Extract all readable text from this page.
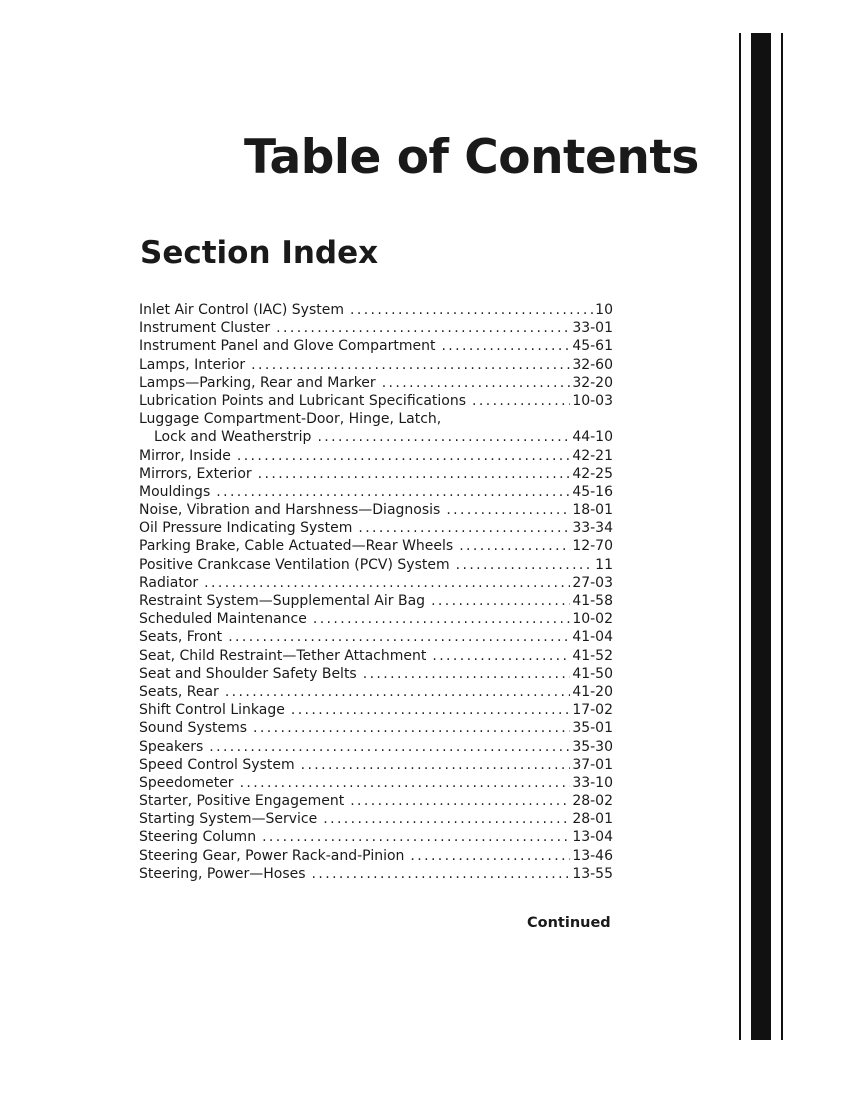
Table of Contents
Section Index
Inlet Air Control (IAC) System .....	10
Instrument Cluster .....	33-01
Instrument Panel and Glove Compartment .....	45-61
Lamps, Interior .....	32-60
Lamps—Parking, Rear and Marker .....	32-20
Lubrication Points and Lubricant Specifications .....	10-03
Luggage Compartment-Door, Hinge, Latch,
Lock and Weatherstrip .....	44-10
Mirror, Inside .....	42-21
Mirrors, Exterior .....	42-25
Mouldings .....	45-16
Noise, Vibration and Harshness—Diagnosis .....	18-01
Oil Pressure Indicating System .....	33-34
Parking Brake, Cable Actuated—Rear Wheels .....	12-70
Positive Crankcase Ventilation (PCV) System .....	11
Radiator .....	27-03
Restraint System—Supplemental Air Bag .....	41-58
Scheduled Maintenance .....	10-02
Seats, Front .....	41-04
Seat, Child Restraint—Tether Attachment .....	41-52
Seat and Shoulder Safety Belts .....	41-50
Seats, Rear .....	41-20
Shift Control Linkage .....	17-02
Sound Systems .....	35-01
Speakers .....	35-30
Speed Control System .....	37-01
Speedometer .....	33-10
Starter, Positive Engagement .....	28-02
Starting System—Service .....	28-01
Steering Column .....	13-04
Steering Gear, Power Rack-and-Pinion .....	13-46
Steering, Power—Hoses .....	13-55
Continued
